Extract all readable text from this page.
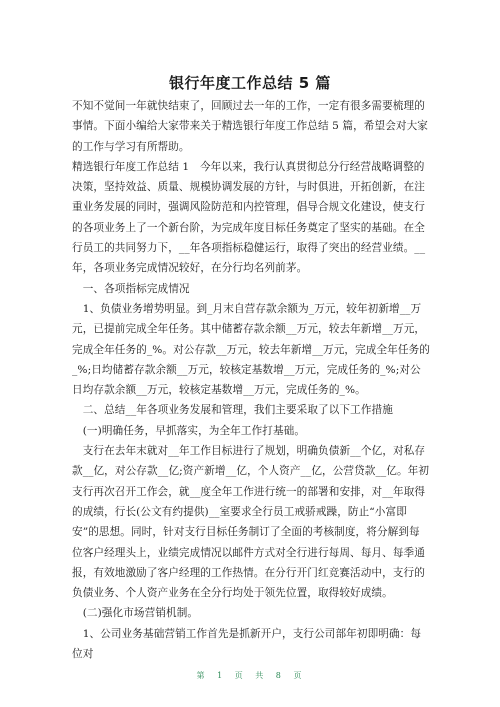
银行年度工作总结 5 篇

不知不觉间一年就快结束了，回顾过去一年的工作，一定有很多需要梳理的事情。下面小编给大家带来关于精选银行年度工作总结 5 篇，希望会对大家的工作与学习有所帮助。

精选银行年度工作总结 1　今年以来，我行认真贯彻总分行经营战略调整的决策，坚持效益、质量、规模协调发展的方针，与时俱进，开拓创新，在注重业务发展的同时，强调风险防范和内控管理，倡导合规文化建设，使支行的各项业务上了一个新台阶，为完成年度目标任务奠定了坚实的基础。在全行员工的共同努力下，__年各项指标稳健运行，取得了突出的经营业绩。__年，各项业务完成情况较好，在分行均名列前茅。

　一、各项指标完成情况

　1、负债业务增势明显。到_月末自营存款余额为_万元，较年初新增__万元，已提前完成全年任务。其中储蓄存款余额__万元，较去年新增__万元，完成全年任务的_%。对公存款__万元，较去年新增__万元，完成全年任务的_%;日均储蓄存款余额__万元，较核定基数增__万元，完成任务的_%;对公日均存款余额__万元，较核定基数增__万元，完成任务的_%。

　二、总结__年各项业务发展和管理，我们主要采取了以下工作措施

　(一)明确任务，早抓落实，为全年工作打基础。

　支行在去年末就对__年工作目标进行了规划，明确负债新__个亿，对私存款__亿，对公存款__亿;资产新增__亿，个人资产__亿，公营贷款__亿。年初支行再次召开工作会，就__度全年工作进行统一的部署和安排，对__年取得的成绩，行长(公文有约提供)__室要求全行员工戒骄戒躁，防止“小富即安”的思想。同时，针对支行目标任务制订了全面的考核制度，将分解到每位客户经理头上，业绩完成情况以邮件方式对全行进行每周、每月、每季通报，有效地激励了客户经理的工作热情。在分行开门红竞赛活动中，支行的负债业务、个人资产业务在全分行均处于领先位置，取得较好成绩。

　(二)强化市场营销机制。

　1、公司业务基础营销工作首先是抓新开户，支行公司部年初即明确：每位对

第 1 页 共 8 页
